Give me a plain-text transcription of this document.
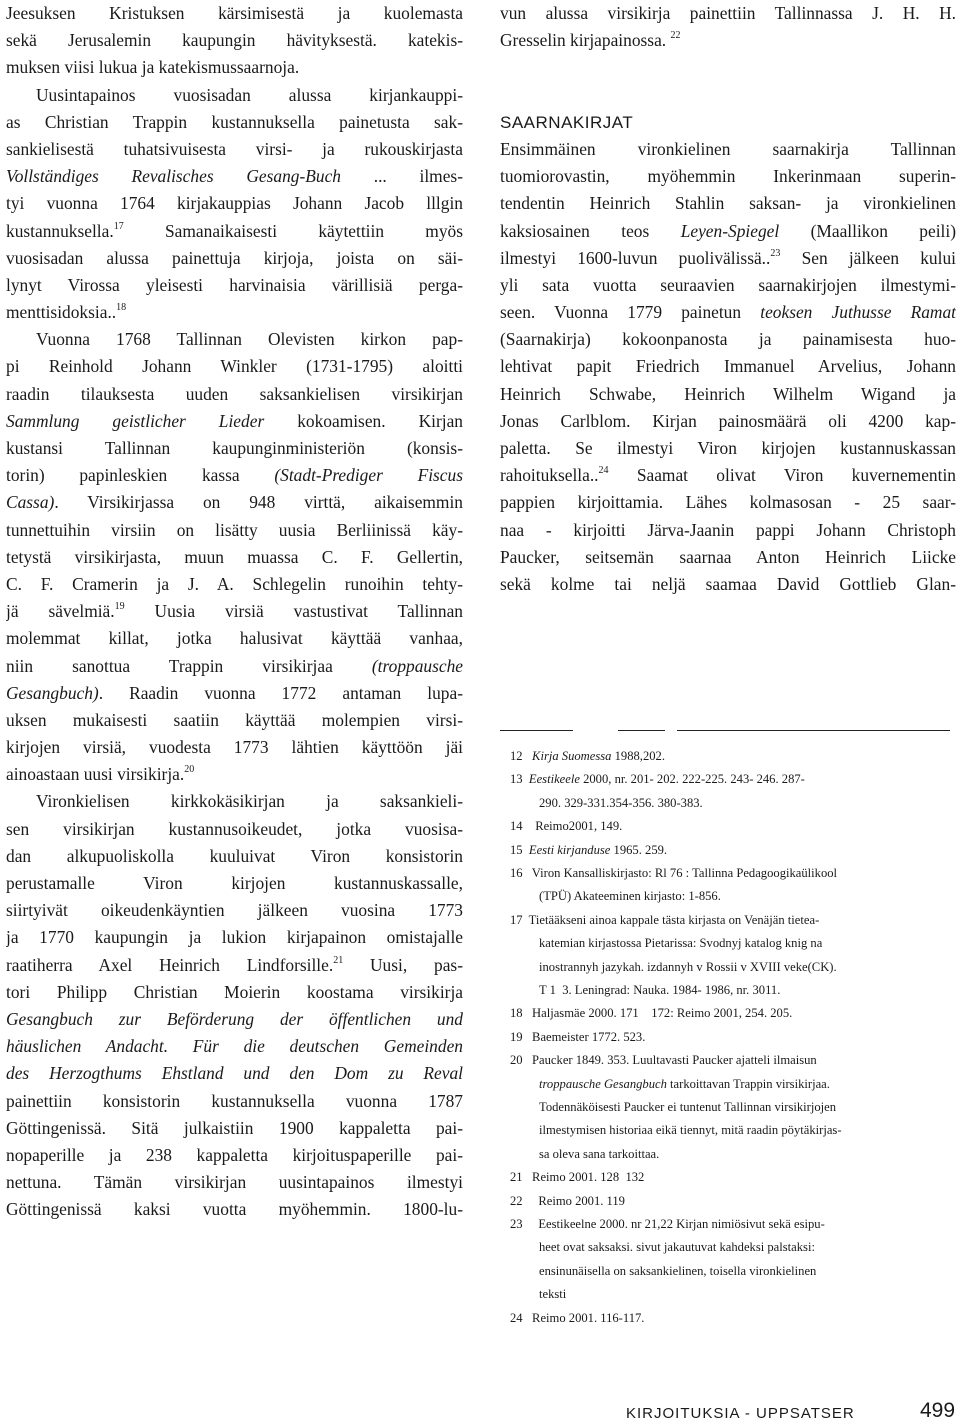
Jeesuksen Kristuksen kärsimisestä ja kuolemasta
sekä Jerusalemin kaupungin hävityksestä. katekis-
muksen viisi lukua ja katekismussaarnoja.
Uusintapainos vuosisadan alussa kirjankauppi-
as Christian Trappin kustannuksella painetusta sak-
sankielisestä tuhatsivuisesta virsi- ja rukouskirjasta
Vollständiges Revalisches Gesang-Buch ... ilmes-
tyi vuonna 1764 kirjakauppias Johann Jacob lllgin
kustannuksella.$^{17}$ Samanaikaisesti käytettiin myös
vuosisadan alussa painettuja kirjoja, joista on säi-
lynyt Virossa yleisesti harvinaisia värillisiä perga-
menttisidoksia..$^{18}$
Vuonna 1768 Tallinnan Olevisten kirkon pap-
pi Reinhold Johann Winkler (1731-1795) aloitti
raadin tilauksesta uuden saksankielisen virsikirjan
Sammlung geistlicher Lieder kokoamisen. Kirjan
kustansi Tallinnan kaupunginministeriön (konsis-
torin) papinleskien kassa (Stadt-Prediger Fiscus
Cassa). Virsikirjassa on 948 virttä, aikaisemmin
tunnettuihin virsiin on lisätty uusia Berliinissä käy-
tetystä virsikirjasta, muun muassa C. F. Gellertin,
C. F. Cramerin ja J. A. Schlegelin runoihin tehty-
jä sävelmiä.$^{19}$ Uusia virsiä vastustivat Tallinnan
molemmat killat, jotka halusivat käyttää vanhaa,
niin sanottua Trappin virsikirjaa (troppausche
Gesangbuch). Raadin vuonna 1772 antaman lupa-
uksen mukaisesti saatiin käyttää molempien virsi-
kirjojen virsiä, vuodesta 1773 lähtien käyttöön jäi
ainoastaan uusi virsikirja.$^{20}$
Vironkielisen kirkkokäsikirjan ja saksankieli-
sen virsikirjan kustannusoikeudet, jotka vuosisa-
dan alkupuoliskolla kuuluivat Viron konsistorin
perustamalle Viron kirjojen kustannuskassalle,
siirtyivät oikeudenkäyntien jälkeen vuosina 1773
ja 1770 kaupungin ja lukion kirjapainon omistajalle
raatiherra Axel Heinrich Lindforsille.$^{21}$ Uusi, pas-
tori Philipp Christian Moierin koostama virsikirja
Gesangbuch zur Beförderung der öffentlichen und
häuslichen Andacht. Für die deutschen Gemeinden
des Herzogthums Ehstland und den Dom zu Reval
painettiin konsistorin kustannuksella vuonna 1787
Göttingenissä. Sitä julkaistiin 1900 kappaletta pai-
nopaperille ja 238 kappaletta kirjoituspaperille pai-
nettuna. Tämän virsikirjan uusintapainos ilmestyi
Göttingenissä kaksi vuotta myöhemmin. 1800-lu-
vun alussa virsikirja painettiin Tallinnassa J. H. H.
Gresselin kirjapainossa. $^{22}$
SAARNAKIRJAT
Ensimmäinen vironkielinen saarnakirja Tallinnan
tuomiorovastin, myöhemmin Inkerinmaan superin-
tendentin Heinrich Stahlin saksan- ja vironkielinen
kaksiosainen teos Leyen-Spiegel (Maallikon peili)
ilmestyi 1600-luvun puolivälissä..$^{23}$ Sen jälkeen kului
yli sata vuotta seuraavien saarnakirjojen ilmestymi-
seen. Vuonna 1779 painetun teoksen Juthusse Ramat
(Saarnakirja) kokoonpanosta ja painamisesta huo-
lehtivat papit Friedrich Immanuel Arvelius, Johann
Heinrich Schwabe, Heinrich Wilhelm Wigand ja
Jonas Carlblom. Kirjan painosmäärä oli 4200 kap-
paletta. Se ilmestyi Viron kirjojen kustannuskassan
rahoituksella..$^{24}$ Saamat olivat Viron kuvernementin
pappien kirjoittamia. Lähes kolmasosan - 25 saar-
naa - kirjoitti Järva-Jaanin pappi Johann Christoph
Paucker, seitsemän saarnaa Anton Heinrich Liicke
sekä kolme tai neljä saamaa David Gottlieb Glan-
12 Kirja Suomessa 1988,202.
13 Eestikeele 2000, nr. 201- 202. 222-225. 243- 246. 287-
290. 329-331.354-356. 380-383.
14    Reimo2001, 149.
15  Eesti kirjanduse 1965. 259.
16   Viron Kansalliskirjasto: Rl 76 : Tallinna Pedagoogikaülikool
(TPÜ) Akateeminen kirjasto: 1-856.
17  Tietääkseni ainoa kappale tästa kirjasta on Venäjän tietea-
katemian kirjastossa Pietarissa: Svodnyj katalog knig na
inostrannyh jazykah. izdannyh v Rossii v XVIII veke(CK).
T 1  3. Leningrad: Nauka. 1984- 1986, nr. 3011.
18   Haljasmäe 2000. 171    172: Reimo 2001, 254. 205.
19   Baemeister 1772. 523.
20   Paucker 1849. 353. Luultavasti Paucker ajatteli ilmaisun
troppausche Gesangbuch tarkoittavan Trappin virsikirjaa.
Todennäköisesti Paucker ei tuntenut Tallinnan virsikirjojen
ilmestymisen historiaa eikä tiennyt, mitä raadin pöytäkirjas-
sa oleva sana tarkoittaa.
21   Reimo 2001. 128  132
22     Reimo 2001. 119
23     Eestikeelne 2000. nr 21,22 Kirjan nimiösivut sekä esipu-
heet ovat saksaksi. sivut jakautuvat kahdeksi palstaksi:
ensinunäisella on saksankielinen, toisella vironkielinen
teksti
24   Reimo 2001. 116-117.
KIRJOITUKSIA - UPPSATSER	499
